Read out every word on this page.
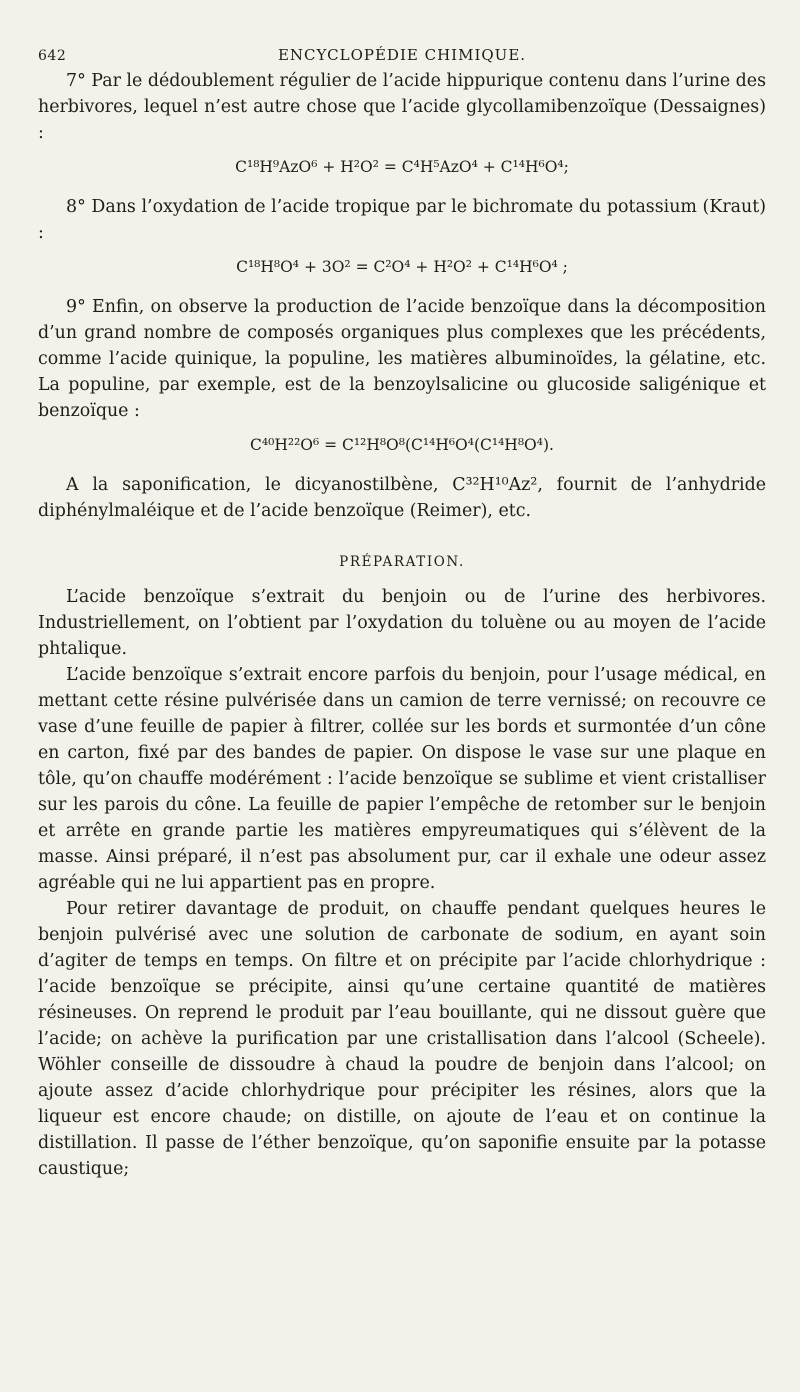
642	ENCYCLOPÉDIE CHIMIQUE.

7° Par le dédoublement régulier de l’acide hippurique contenu dans l’urine des herbivores, lequel n’est autre chose que l’acide glycollamibenzoïque (Dessaignes) :

C¹⁸H⁹AzO⁶ + H²O² = C⁴H⁵AzO⁴ + C¹⁴H⁶O⁴;

8° Dans l’oxydation de l’acide tropique par le bichromate du potassium (Kraut) :

C¹⁸H⁸O⁴ + 3O² = C²O⁴ + H²O² + C¹⁴H⁶O⁴ ;

9° Enfin, on observe la production de l’acide benzoïque dans la décomposition d’un grand nombre de composés organiques plus complexes que les précédents, comme l’acide quinique, la populine, les matières albuminoïdes, la gélatine, etc. La populine, par exemple, est de la benzoylsalicine ou glucoside saligénique et benzoïque :

C⁴⁰H²²O⁶ = C¹²H⁸O⁸(C¹⁴H⁶O⁴(C¹⁴H⁸O⁴).

A la saponification, le dicyanostilbène, C³²H¹⁰Az², fournit de l’anhydride diphénylmaléique et de l’acide benzoïque (Reimer), etc.

PRÉPARATION.

L’acide benzoïque s’extrait du benjoin ou de l’urine des herbivores. Industriellement, on l’obtient par l’oxydation du toluène ou au moyen de l’acide phtalique.

L’acide benzoïque s’extrait encore parfois du benjoin, pour l’usage médical, en mettant cette résine pulvérisée dans un camion de terre vernissé; on recouvre ce vase d’une feuille de papier à filtrer, collée sur les bords et surmontée d’un cône en carton, fixé par des bandes de papier. On dispose le vase sur une plaque en tôle, qu’on chauffe modérément : l’acide benzoïque se sublime et vient cristalliser sur les parois du cône. La feuille de papier l’empêche de retomber sur le benjoin et arrête en grande partie les matières empyreumatiques qui s’élèvent de la masse. Ainsi préparé, il n’est pas absolument pur, car il exhale une odeur assez agréable qui ne lui appartient pas en propre.

Pour retirer davantage de produit, on chauffe pendant quelques heures le benjoin pulvérisé avec une solution de carbonate de sodium, en ayant soin d’agiter de temps en temps. On filtre et on précipite par l’acide chlorhydrique : l’acide benzoïque se précipite, ainsi qu’une certaine quantité de matières résineuses. On reprend le produit par l’eau bouillante, qui ne dissout guère que l’acide; on achève la purification par une cristallisation dans l’alcool (Scheele). Wöhler conseille de dissoudre à chaud la poudre de benjoin dans l’alcool; on ajoute assez d’acide chlorhydrique pour précipiter les résines, alors que la liqueur est encore chaude; on distille, on ajoute de l’eau et on continue la distillation. Il passe de l’éther benzoïque, qu’on saponifie ensuite par la potasse caustique;
